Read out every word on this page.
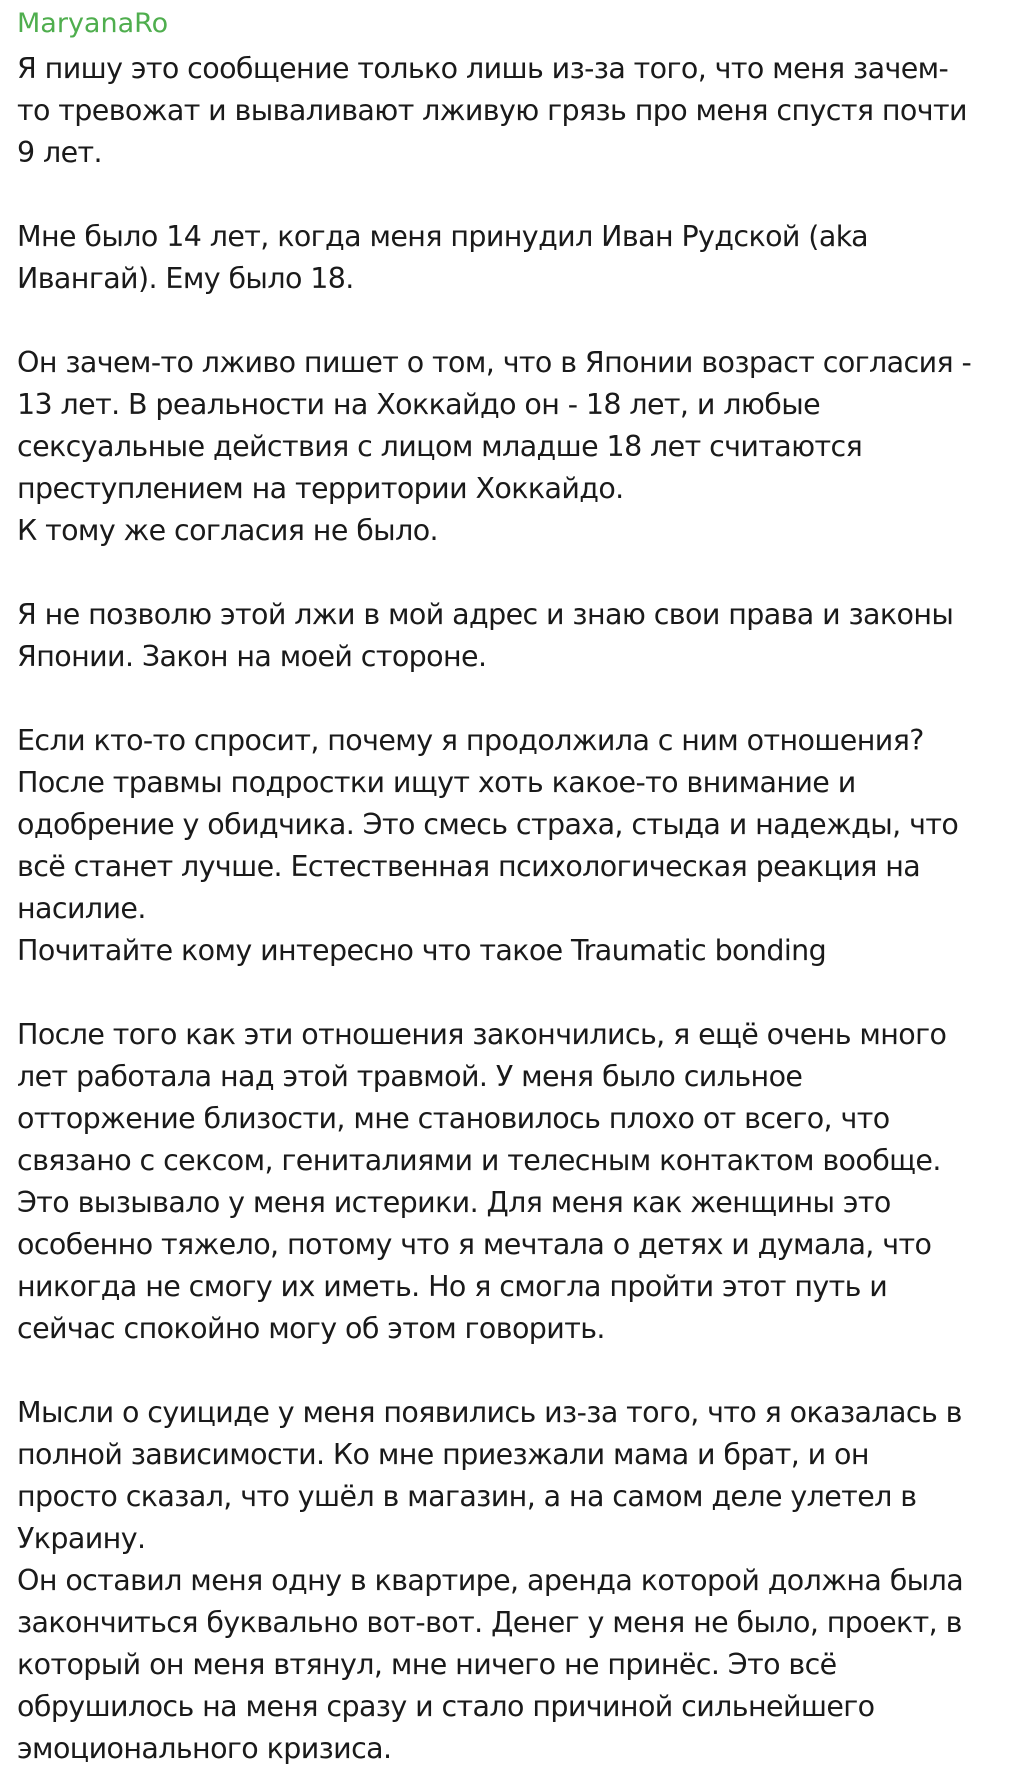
MaryanaRo
Я пишу это сообщение только лишь из-за того, что меня зачем-
то тревожат и вываливают лживую грязь про меня спустя почти
9 лет.
Мне было 14 лет, когда меня принудил Иван Рудской (aka
Ивангай). Ему было 18.
Он зачем-то лживо пишет о том, что в Японии возраст согласия -
13 лет. В реальности на Хоккайдо он - 18 лет, и любые
сексуальные действия с лицом младше 18 лет считаются
преступлением на территории Хоккайдо.
К тому же согласия не было.
Я не позволю этой лжи в мой адрес и знаю свои права и законы
Японии. Закон на моей стороне.
Если кто-то спросит, почему я продолжила с ним отношения?
После травмы подростки ищут хоть какое-то внимание и
одобрение у обидчика. Это смесь страха, стыда и надежды, что
всё станет лучше. Естественная психологическая реакция на
насилие.
Почитайте кому интересно что такое Traumatic bonding
После того как эти отношения закончились, я ещё очень много
лет работала над этой травмой. У меня было сильное
отторжение близости, мне становилось плохо от всего, что
связано с сексом, гениталиями и телесным контактом вообще.
Это вызывало у меня истерики. Для меня как женщины это
особенно тяжело, потому что я мечтала о детях и думала, что
никогда не смогу их иметь. Но я смогла пройти этот путь и
сейчас спокойно могу об этом говорить.
Мысли о суициде у меня появились из-за того, что я оказалась в
полной зависимости. Ко мне приезжали мама и брат, и он
просто сказал, что ушёл в магазин, а на самом деле улетел в
Украину.
Он оставил меня одну в квартире, аренда которой должна была
закончиться буквально вот-вот. Денег у меня не было, проект, в
который он меня втянул, мне ничего не принёс. Это всё
обрушилось на меня сразу и стало причиной сильнейшего
эмоционального кризиса.
